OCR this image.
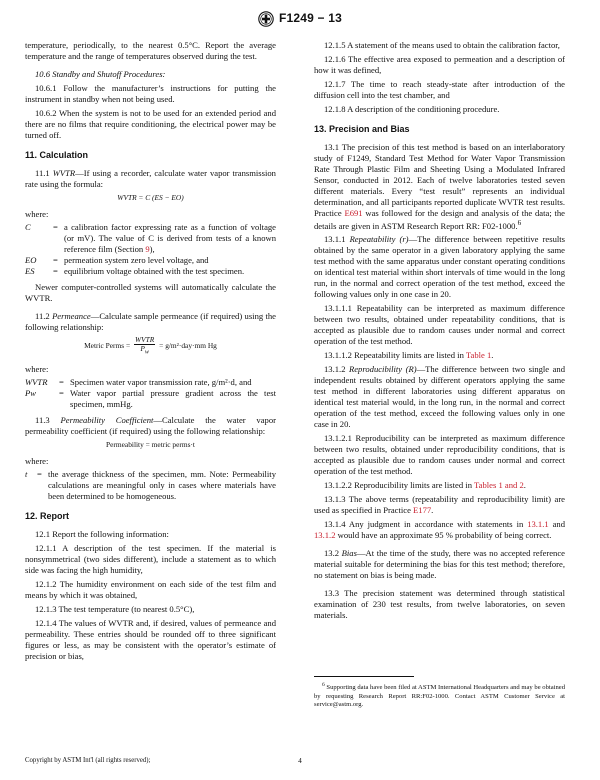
F1249 − 13

temperature, periodically, to the nearest 0.5°C. Report the average temperature and the range of temperatures observed during the test.

10.6 Standby and Shutoff Procedures:

10.6.1 Follow the manufacturer’s instructions for putting the instrument in standby when not being used.

10.6.2 When the system is not to be used for an extended period and there are no films that require conditioning, the electrical power may be turned off.

11. Calculation

11.1 WVTR—If using a recorder, calculate water vapor transmission rate using the formula:

WVTR = C (ES − EO)
where:
C	=	a calibration factor expressing rate as a function of voltage (or mV). The value of C is derived from tests of a known reference film (Section 9),
EO	=	permeation system zero level voltage, and
ES	=	equilibrium voltage obtained with the test specimen.

Newer computer-controlled systems will automatically calculate the WVTR.

11.2 Permeance—Calculate sample permeance (if required) using the following relationship:

Metric Perms = $\frac{\text{WVTR}}{P_w} = g/m^2\cdot day\cdot mm$ Hg
where:
WVTR	=	Specimen water vapor transmission rate, g/m²·d, and
Pw	=	Water vapor partial pressure gradient across the test specimen, mmHg.

11.3 Permeability Coefficient—Calculate the water vapor permeability coefficient (if required) using the following relationship:

Permeability = metric perms·t
where:
t	=	the average thickness of the specimen, mm. Note: Permeability calculations are meaningful only in cases where materials have been determined to be homogeneous.
12. Report

12.1 Report the following information:

12.1.1 A description of the test specimen. If the material is nonsymmetrical (two sides different), include a statement as to which side was facing the high humidity,

12.1.2 The humidity environment on each side of the test film and means by which it was obtained,

12.1.3 The test temperature (to nearest 0.5°C),

12.1.4 The values of WVTR and, if desired, values of permeance and permeability. These entries should be rounded off to three significant figures or less, as may be consistent with the operator’s estimate of precision or bias,

12.1.5 A statement of the means used to obtain the calibration factor,

12.1.6 The effective area exposed to permeation and a description of how it was defined,

12.1.7 The time to reach steady-state after introduction of the diffusion cell into the test chamber, and

12.1.8 A description of the conditioning procedure.

13. Precision and Bias

13.1 The precision of this test method is based on an interlaboratory study of F1249, Standard Test Method for Water Vapor Transmission Rate Through Plastic Film and Sheeting Using a Modulated Infrared Sensor, conducted in 2012. Each of twelve laboratories tested seven different materials. Every “test result” represents an individual determination, and all participants reported duplicate WVTR test results. Practice E691 was followed for the design and analysis of the data; the details are given in ASTM Research Report RR: F02-1000.$^6$

13.1.1 Repeatability (r)—The difference between repetitive results obtained by the same operator in a given laboratory applying the same test method with the same apparatus under constant operating conditions on identical test material within short intervals of time would in the long run, in the normal and correct operation of the test method, exceed the following values only in one case in 20.

13.1.1.1 Repeatability can be interpreted as maximum difference between two results, obtained under repeatability conditions, that is accepted as plausible due to random causes under normal and correct operation of the test method.

13.1.1.2 Repeatability limits are listed in Table 1.

13.1.2 Reproducibility (R)—The difference between two single and independent results obtained by different operators applying the same test method in different laboratories using different apparatus on identical test material would, in the long run, in the normal and correct operation of the test method, exceed the following values only in one case in 20.

13.1.2.1 Reproducibility can be interpreted as maximum difference between two results, obtained under reproducibility conditions, that is accepted as plausible due to random causes under normal and correct operation of the test method.

13.1.2.2 Reproducibility limits are listed in Tables 1 and 2.

13.1.3 The above terms (repeatability and reproducibility limit) are used as specified in Practice E177.

13.1.4 Any judgment in accordance with statements in 13.1.1 and 13.1.2 would have an approximate 95 % probability of being correct.

13.2 Bias—At the time of the study, there was no accepted reference material suitable for determining the bias for this test method; therefore, no statement on bias is being made.

13.3 The precision statement was determined through statistical examination of 230 test results, from twelve laboratories, on seven materials.

$^6$ Supporting data have been filed at ASTM International Headquarters and may be obtained by requesting Research Report RR:F02-1000. Contact ASTM Customer Service at service@astm.org.
Copyright by ASTM Int'l (all rights reserved);	4
